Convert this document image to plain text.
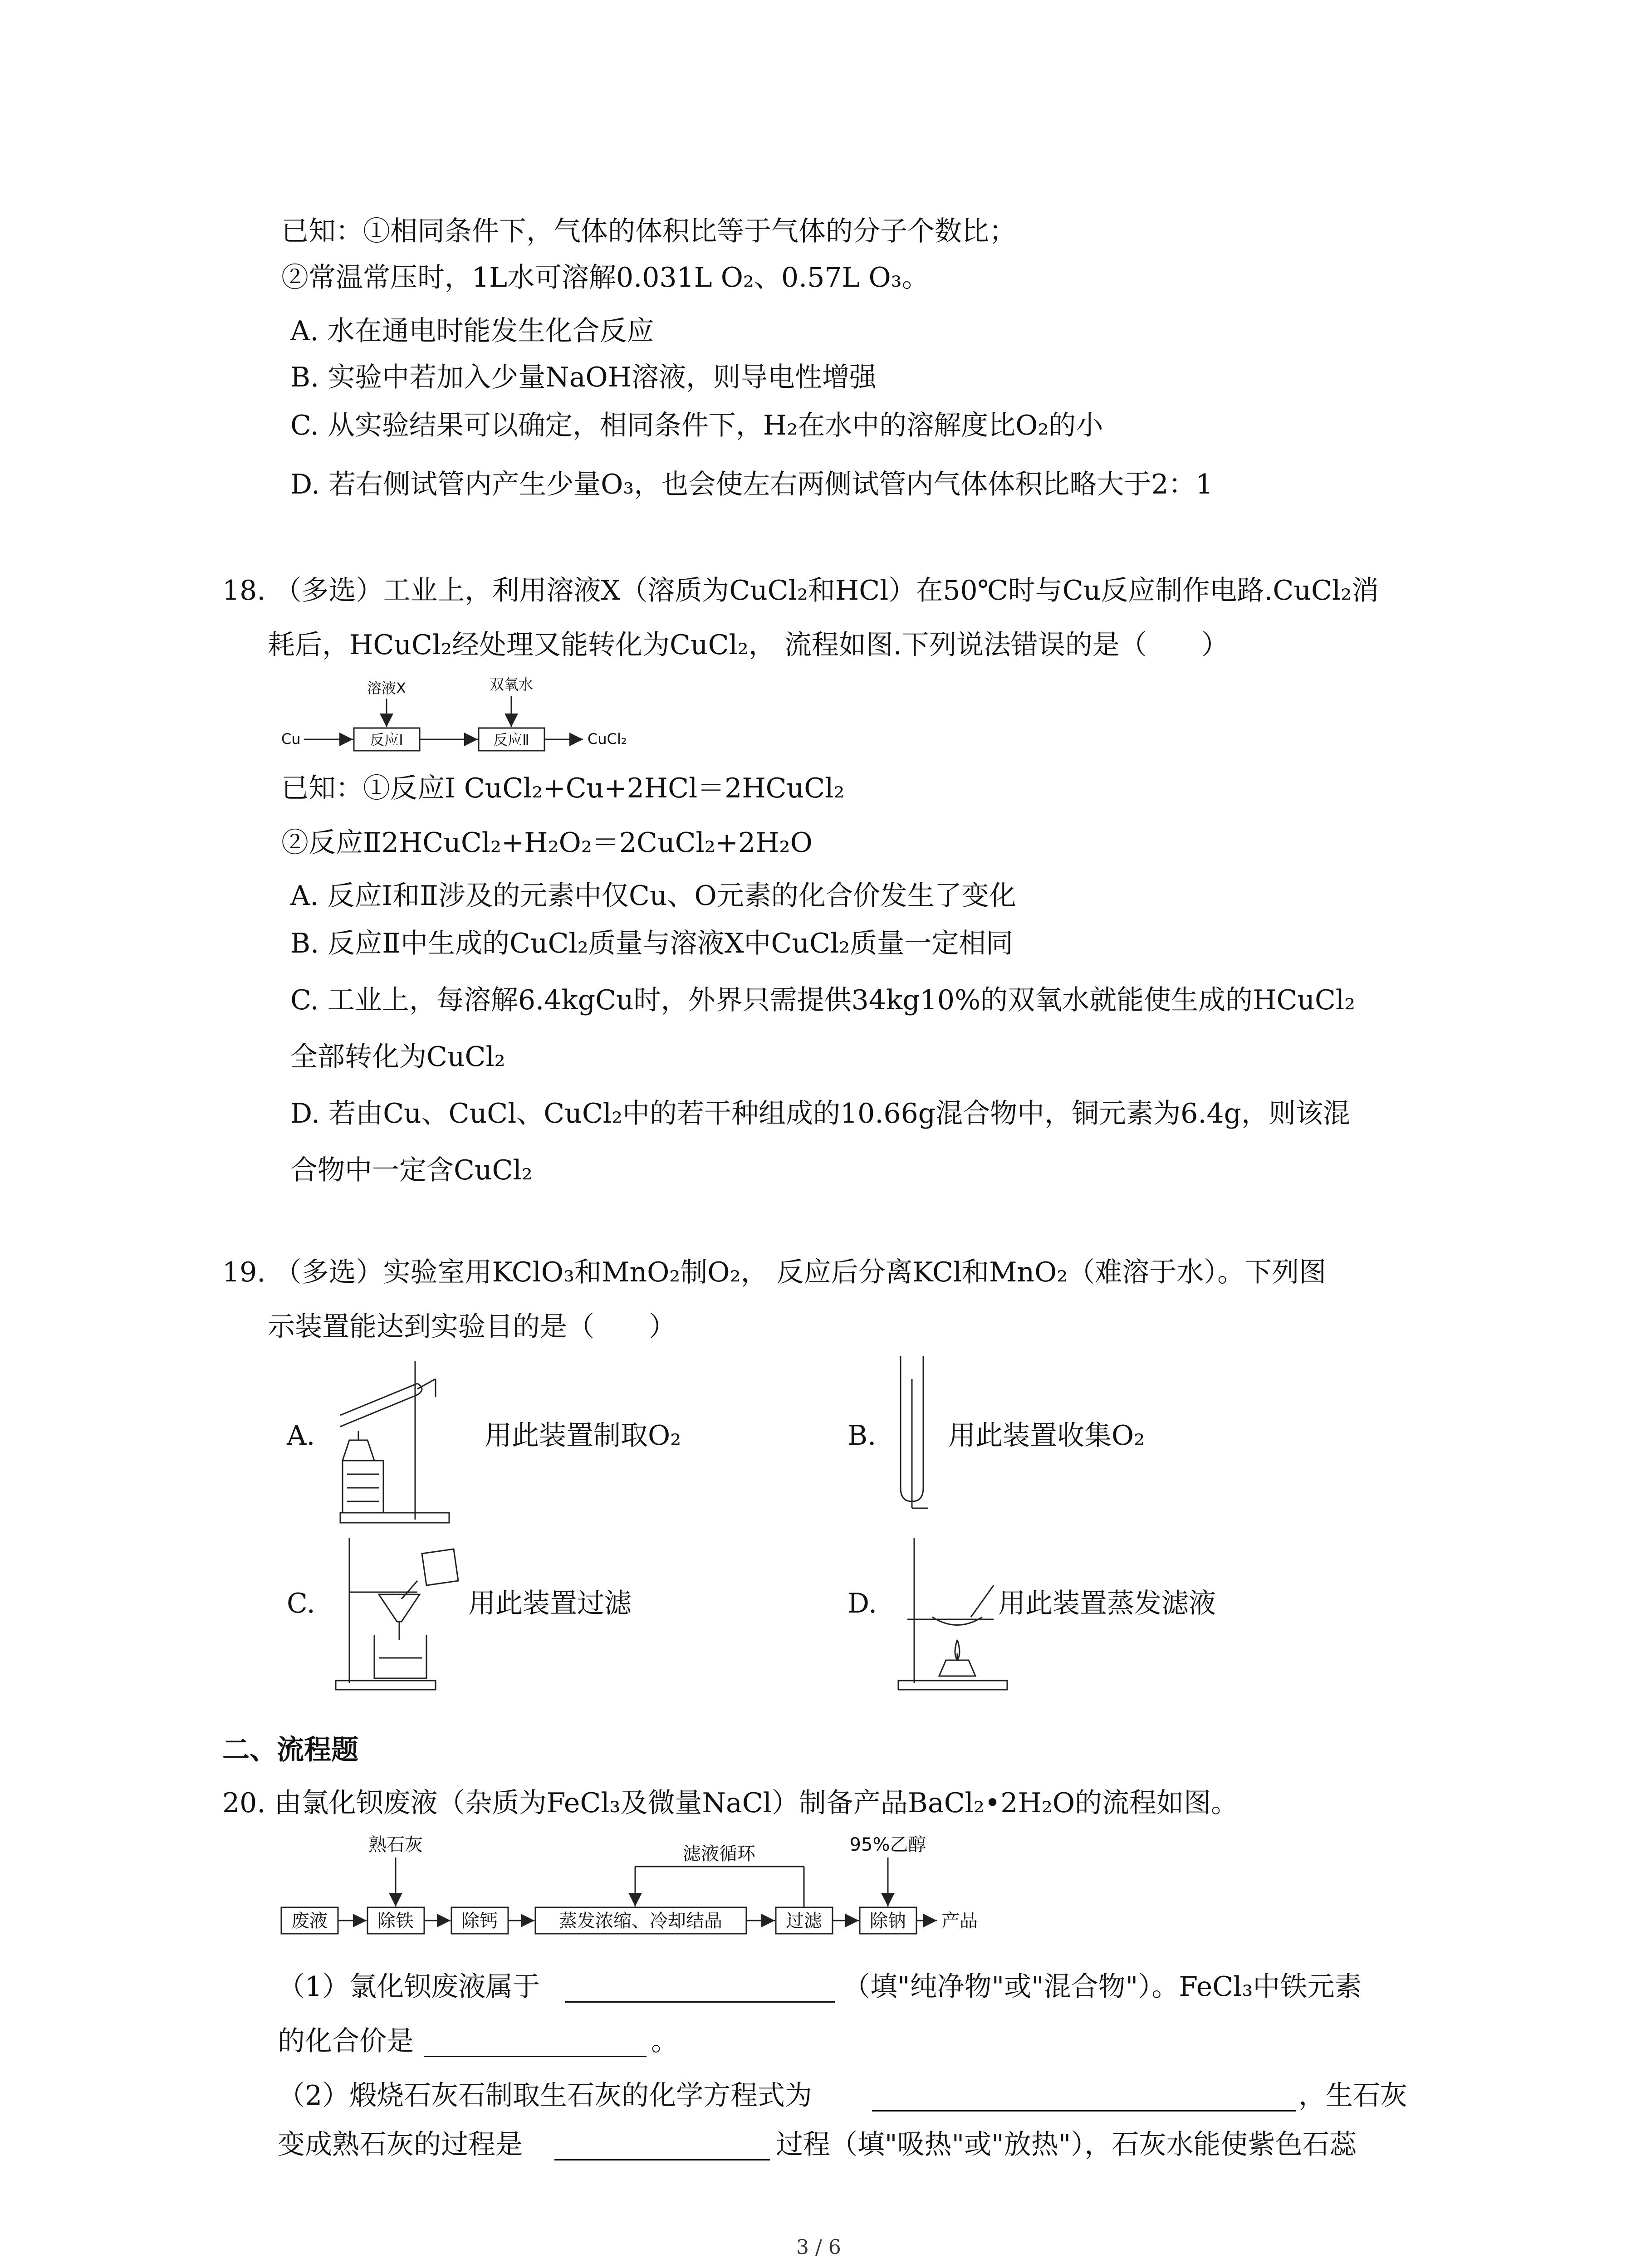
已知：①相同条件下，气体的体积比等于气体的分子个数比；
②常温常压时，1L水可溶解0.031L O₂、0.57L O₃。
A. 水在通电时能发生化合反应
B. 实验中若加入少量NaOH溶液，则导电性增强
C. 从实验结果可以确定，相同条件下，H₂在水中的溶解度比O₂的小
D. 若右侧试管内产生少量O₃，也会使左右两侧试管内气体体积比略大于2：1
18. （多选）工业上，利用溶液X（溶质为CuCl₂和HCl）在50℃时与Cu反应制作电路.CuCl₂消
耗后，HCuCl₂经处理又能转化为CuCl₂， 流程如图.下列说法错误的是（　　）
Cu	反应Ⅰ
溶液X
反应Ⅱ
双氧水
CuCl₂
已知：①反应I CuCl₂+Cu+2HCl＝2HCuCl₂
②反应Ⅱ2HCuCl₂+H₂O₂＝2CuCl₂+2H₂O
A. 反应I和Ⅱ涉及的元素中仅Cu、O元素的化合价发生了变化
B. 反应Ⅱ中生成的CuCl₂质量与溶液X中CuCl₂质量一定相同
C. 工业上，每溶解6.4kgCu时，外界只需提供34kg10%的双氧水就能使生成的HCuCl₂
全部转化为CuCl₂
D. 若由Cu、CuCl、CuCl₂中的若干种组成的10.66g混合物中，铜元素为6.4g，则该混
合物中一定含CuCl₂
19. （多选）实验室用KClO₃和MnO₂制O₂， 反应后分离KCl和MnO₂（难溶于水）。下列图
示装置能达到实验目的是（　　）
A.	用此装置制取O₂	B.	用此装置收集O₂
C.	用此装置过滤	D.	用此装置蒸发滤液
二、流程题
20. 由氯化钡废液（杂质为FeCl₃及微量NaCl）制备产品BaCl₂•2H₂O的流程如图。
废液	除铁
熟石灰
除钙	蒸发浓缩、冷却结晶	过滤
滤液循环
除钠
95%乙醇
产品
（1）氯化钡废液属于	（填"纯净物"或"混合物"）。FeCl₃中铁元素
的化合价是	。
（2）煅烧石灰石制取生石灰的化学方程式为	，生石灰
变成熟石灰的过程是	过程（填"吸热"或"放热"），石灰水能使紫色石蕊
3 / 6
